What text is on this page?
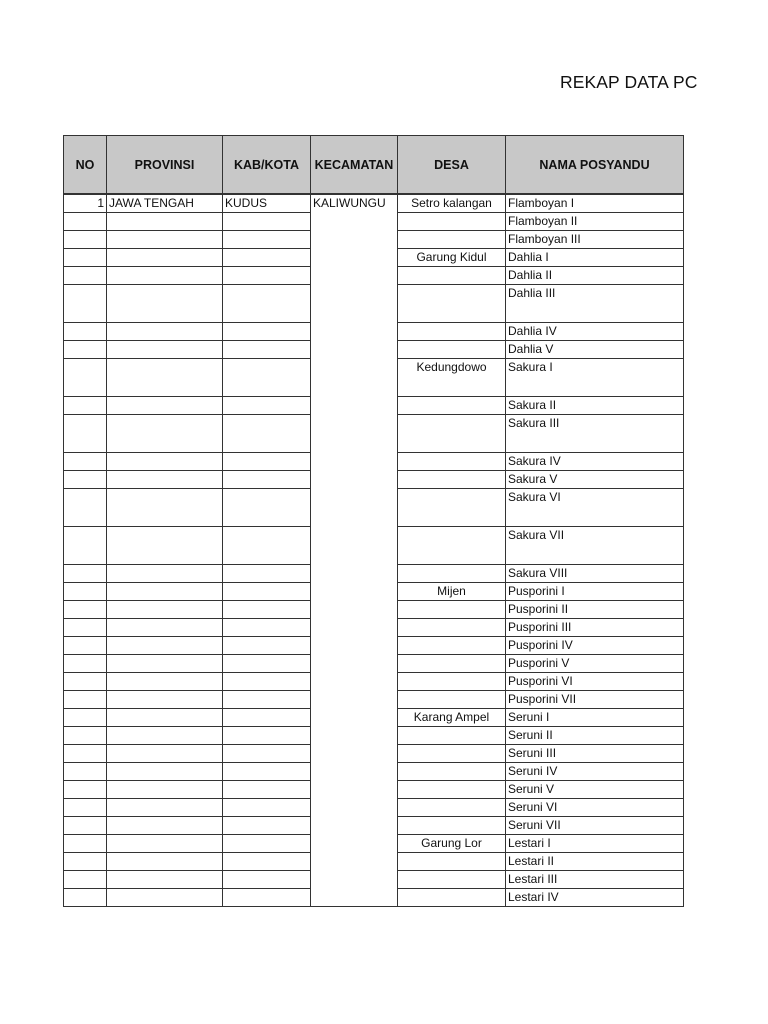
REKAP DATA PC
NO	PROVINSI	KAB/KOTA	KECAMATAN	DESA	NAMA POSYANDU
1	JAWA TENGAH	KUDUS	KALIWUNGU	Setro kalangan	Flamboyan I
					Flamboyan II
					Flamboyan III
				Garung Kidul	Dahlia I
					Dahlia II
					Dahlia III
					Dahlia IV
					Dahlia V
				Kedungdowo	Sakura I
					Sakura II
					Sakura III
					Sakura IV
					Sakura V
					Sakura VI
					Sakura VII
					Sakura VIII
				Mijen	Pusporini I
					Pusporini II
					Pusporini III
					Pusporini IV
					Pusporini V
					Pusporini VI
					Pusporini VII
				Karang Ampel	Seruni I
					Seruni II
					Seruni III
					Seruni IV
					Seruni V
					Seruni VI
					Seruni VII
				Garung Lor	Lestari I
					Lestari II
					Lestari III
					Lestari IV
